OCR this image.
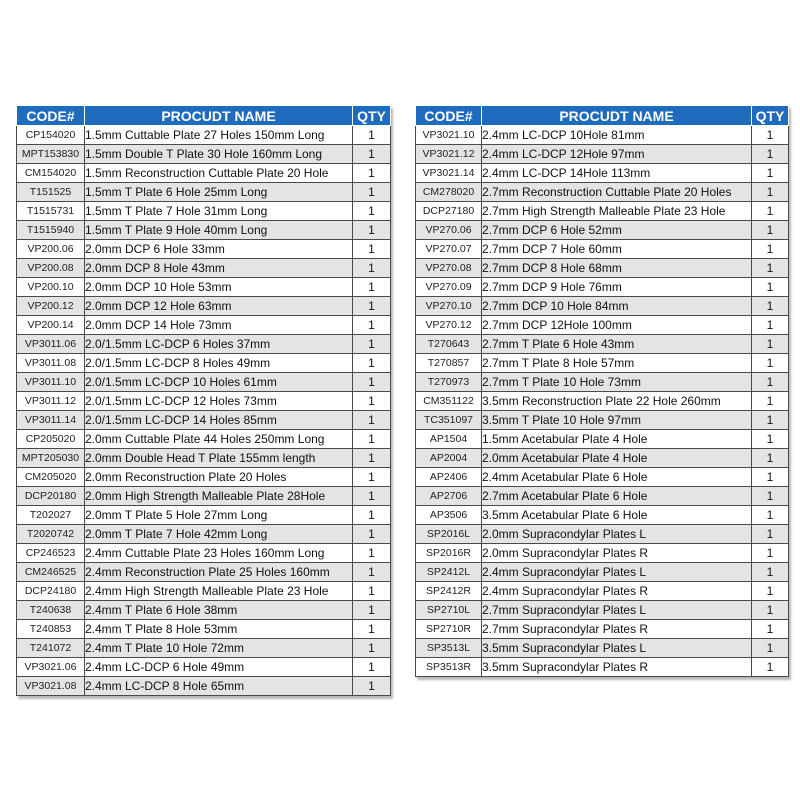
CODE#	PROCUDT NAME	QTY
CP154020	1.5mm Cuttable Plate 27 Holes 150mm Long	1
MPT153830	1.5mm Double T Plate 30 Hole 160mm Long	1
CM154020	1.5mm Reconstruction Cuttable Plate 20 Hole	1
T151525	1.5mm T Plate 6 Hole 25mm Long	1
T1515731	1.5mm T Plate 7 Hole 31mm Long	1
T1515940	1.5mm T Plate 9 Hole 40mm Long	1
VP200.06	2.0mm DCP 6 Hole 33mm	1
VP200.08	2.0mm DCP 8 Hole 43mm	1
VP200.10	2.0mm DCP 10 Hole 53mm	1
VP200.12	2.0mm DCP 12 Hole 63mm	1
VP200.14	2.0mm DCP 14 Hole 73mm	1
VP3011.06	2.0/1.5mm LC-DCP 6 Holes 37mm	1
VP3011.08	2.0/1.5mm LC-DCP 8 Holes 49mm	1
VP3011.10	2.0/1.5mm LC-DCP 10 Holes 61mm	1
VP3011.12	2.0/1.5mm LC-DCP 12 Holes 73mm	1
VP3011.14	2.0/1.5mm LC-DCP 14 Holes 85mm	1
CP205020	2.0mm Cuttable Plate 44 Holes 250mm Long	1
MPT205030	2.0mm Double Head T Plate 155mm length	1
CM205020	2.0mm Reconstruction Plate 20 Holes	1
DCP20180	2.0mm High Strength Malleable Plate 28Hole	1
T202027	2.0mm T Plate 5 Hole 27mm Long	1
T2020742	2.0mm T Plate 7 Hole 42mm Long	1
CP246523	2.4mm Cuttable Plate 23 Holes 160mm Long	1
CM246525	2.4mm Reconstruction Plate 25 Holes 160mm	1
DCP24180	2.4mm High Strength Malleable Plate 23 Hole	1
T240638	2.4mm T Plate 6 Hole 38mm	1
T240853	2.4mm T Plate 8 Hole 53mm	1
T241072	2.4mm T Plate 10 Hole 72mm	1
VP3021.06	2.4mm LC-DCP 6 Hole 49mm	1
VP3021.08	2.4mm LC-DCP 8 Hole 65mm	1
CODE#	PROCUDT NAME	QTY
VP3021.10	2.4mm LC-DCP 10Hole 81mm	1
VP3021.12	2.4mm LC-DCP 12Hole 97mm	1
VP3021.14	2.4mm LC-DCP 14Hole 113mm	1
CM278020	2.7mm Reconstruction Cuttable Plate 20 Holes	1
DCP27180	2.7mm High Strength Malleable Plate 23 Hole	1
VP270.06	2.7mm DCP 6 Hole 52mm	1
VP270.07	2.7mm DCP 7 Hole 60mm	1
VP270.08	2.7mm DCP 8 Hole 68mm	1
VP270.09	2.7mm DCP 9 Hole 76mm	1
VP270.10	2.7mm DCP 10 Hole 84mm	1
VP270.12	2.7mm DCP 12Hole 100mm	1
T270643	2.7mm T Plate 6 Hole 43mm	1
T270857	2.7mm T Plate 8 Hole 57mm	1
T270973	2.7mm T Plate 10 Hole 73mm	1
CM351122	3.5mm Reconstruction Plate 22 Hole 260mm	1
TC351097	3.5mm T Plate 10 Hole 97mm	1
AP1504	1.5mm Acetabular Plate 4 Hole	1
AP2004	2.0mm Acetabular Plate 4 Hole	1
AP2406	2.4mm Acetabular Plate 6 Hole	1
AP2706	2.7mm Acetabular Plate 6 Hole	1
AP3506	3.5mm Acetabular Plate 6 Hole	1
SP2016L	2.0mm Supracondylar Plates L	1
SP2016R	2.0mm Supracondylar Plates R	1
SP2412L	2.4mm Supracondylar Plates L	1
SP2412R	2.4mm Supracondylar Plates R	1
SP2710L	2.7mm Supracondylar Plates L	1
SP2710R	2.7mm Supracondylar Plates R	1
SP3513L	3.5mm Supracondylar Plates L	1
SP3513R	3.5mm Supracondylar Plates R	1
